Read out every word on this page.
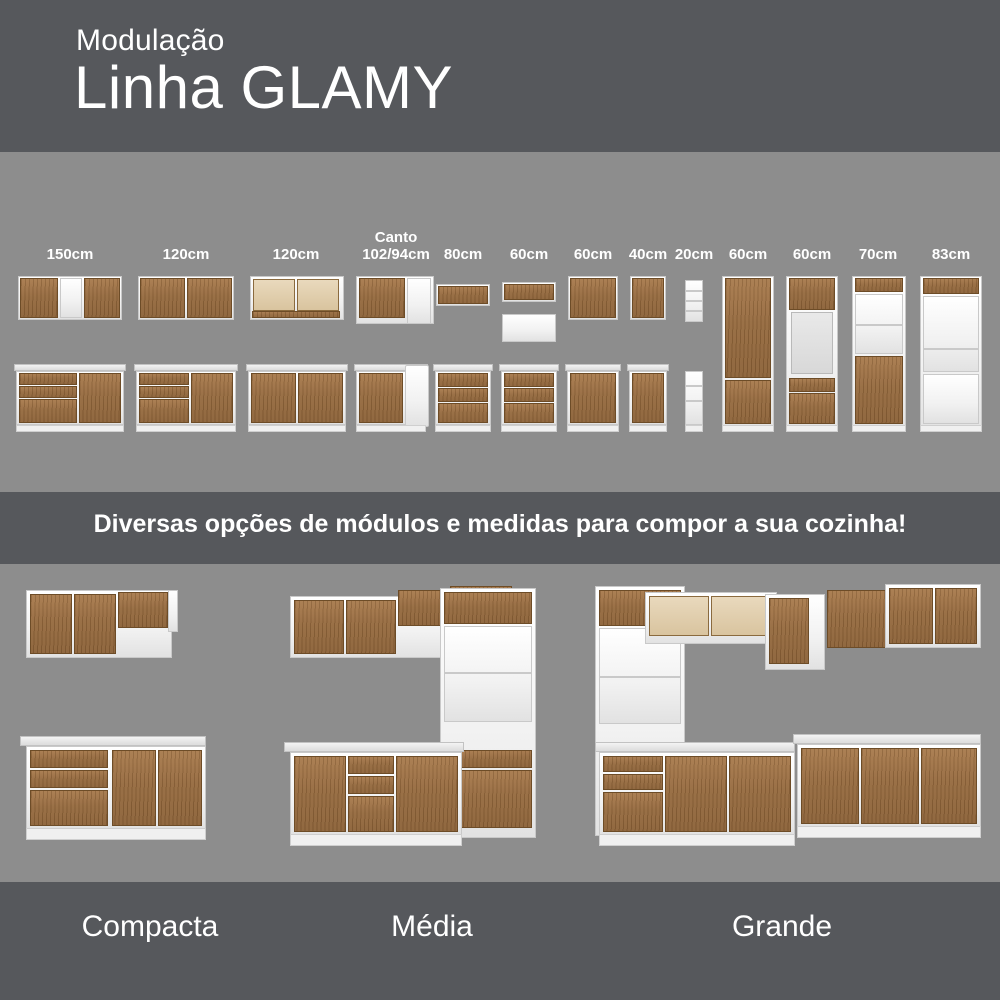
Modulação
Linha GLAMY
150cm	120cm	120cm
Canto
102/94cm 80cm 60cm 60cm 40cm 20cm 60cm 60cm 70cm 83cm
Diversas opções de módulos e medidas para compor a sua cozinha!
Compacta	Média	Grande
